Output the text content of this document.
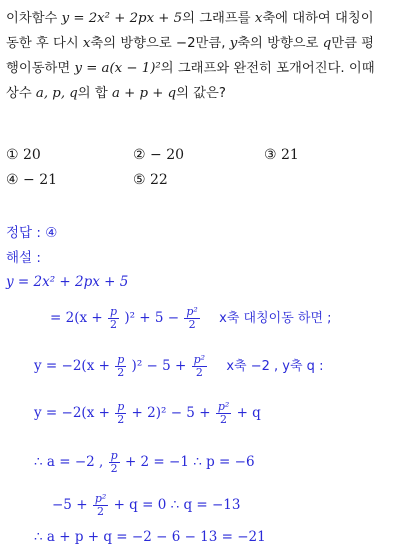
이차함수 y = 2x² + 2px + 5의 그래프를 x축에 대하여 대칭이
동한 후 다시 x축의 방향으로 −2만큼, y축의 방향으로 q만큼 평
행이동하면 y = a(x − 1)²의 그래프와 완전히 포개어진다. 이때
상수 a, p, q의 합 a + p + q의 값은?
① 20	② − 20	③ 21
④ − 21	⑤ 22
정답 : ④
해설 :
y = 2x² + 2px + 5
= $2(x + \frac{p}{2} )^2 + 5 - \frac{\text{p²}}{2}$ x축 대칭이동 하면 ;
$y = -2(x + \frac{p}{2} )^2 - 5 + \frac{\text{p²}}{2}$ x축 −2 , y축 q :
$y = -2(x + \frac{p}{2} + 2)^2 - 5 + \frac{\text{p²}}{2} + q$
∴ a = −2 , $\frac{p}{2} + 2 = -1$ ∴ p = −6
$-5 + \frac{\text{p²}}{2} + q = 0$ ∴ q = −13
∴ a + p + q = −2 − 6 − 13 = −21
